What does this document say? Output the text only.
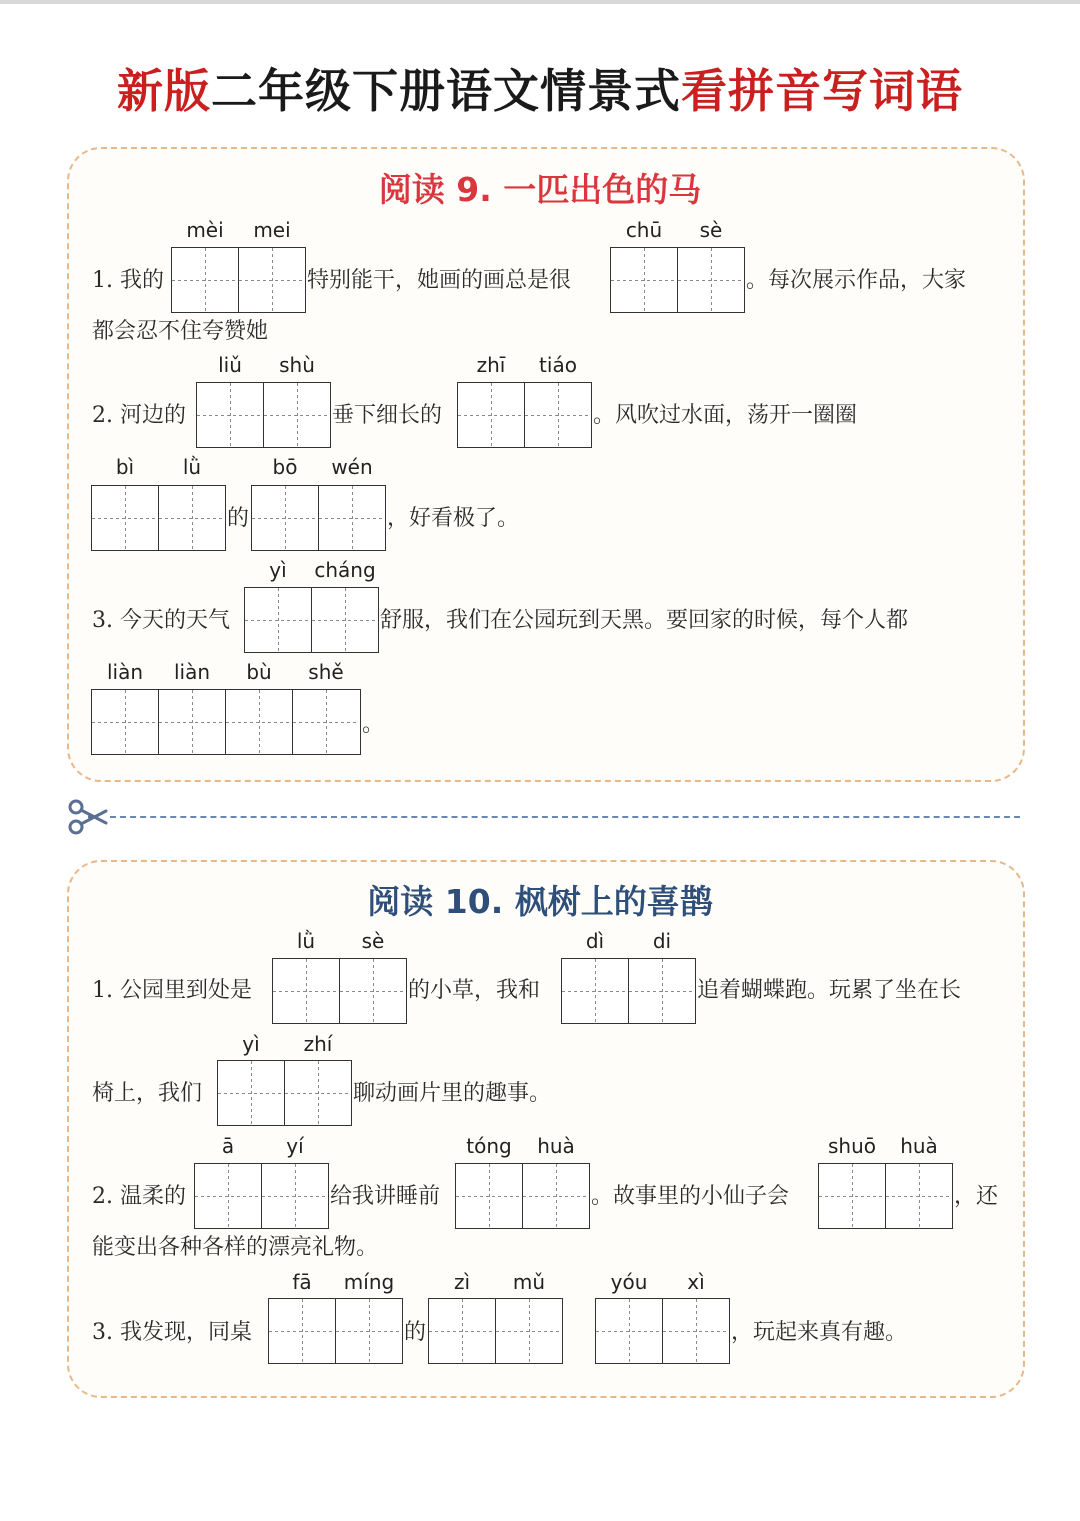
新版二年级下册语文情景式看拼音写词语
阅读 9. 一匹出色的马
1. 我的
mèi	mei
特别能干，她画的画总是很
chū	sè
。每次展示作品，大家
都会忍不住夸赞她
2. 河边的
liǔ	shù
垂下细长的
zhī	tiáo
。风吹过水面，荡开一圈圈
bì	lǜ
的
bō	wén
，好看极了。
3. 今天的天气
yì	cháng
舒服，我们在公园玩到天黑。要回家的时候，每个人都
liàn	liàn	bù	shě
。
阅读 10. 枫树上的喜鹊
1. 公园里到处是
lǜ	sè
的小草，我和
dì	di
追着蝴蝶跑。玩累了坐在长
椅上，我们
yì	zhí
聊动画片里的趣事。
2. 温柔的
ā	yí
给我讲睡前
tóng	huà
。故事里的小仙子会
shuō	huà
，还
能变出各种各样的漂亮礼物。
3. 我发现，同桌
fā	míng
的
zì	mǔ	yóu	xì
，玩起来真有趣。
